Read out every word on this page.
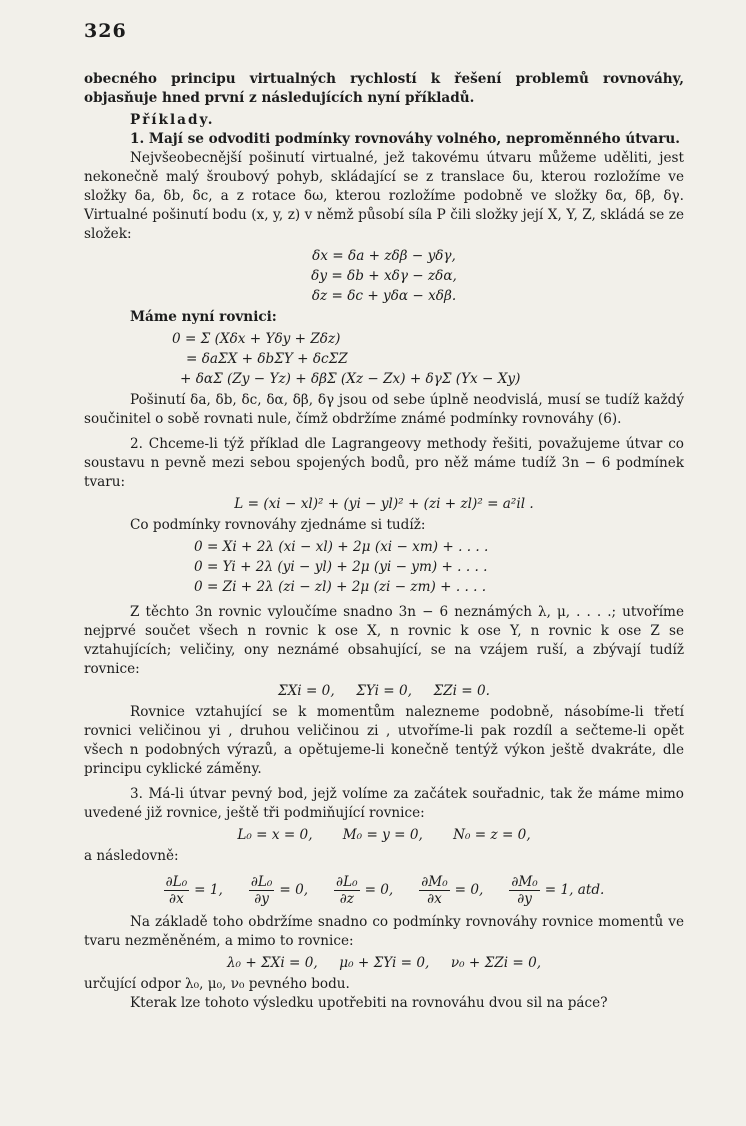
326

obecného principu virtualných rychlostí k řešení problemů rovnováhy, objasňuje hned první z následujících nyní příkladů.

Příklady.

1. Mají se odvoditi podmínky rovnováhy volného, neproměnného útvaru.

Nejvšeobecnější pošinutí virtualné, jež takovému útvaru můžeme uděliti, jest nekonečně malý šroubový pohyb, skládající se z translace δu, kterou rozložíme ve složky δa, δb, δc, a z rotace δω, kterou rozložíme podobně ve složky δα, δβ, δγ. Virtualné pošinutí bodu (x, y, z) v němž působí síla P čili složky její X, Y, Z, skládá se ze složek:

δx = δa + zδβ − yδγ,
δy = δb + xδγ − zδα,
δz = δc + yδα − xδβ.

Máme nyní rovnici:

0 = Σ (Xδx + Yδy + Zδz)
= δaΣX + δbΣY + δcΣZ
+ δαΣ (Zy − Yz) + δβΣ (Xz − Zx) + δγΣ (Yx − Xy)

Pošinutí δa, δb, δc, δα, δβ, δγ jsou od sebe úplně neodvislá, musí se tudíž každý součinitel o sobě rovnati nule, čímž obdržíme známé podmínky rovnováhy (6).

2. Chceme-li týž příklad dle Lagrangeovy methody řešiti, považujeme útvar co soustavu n pevně mezi sebou spojených bodů, pro něž máme tudíž 3n − 6 podmínek tvaru:

L = (xi − xl)² + (yi − yl)² + (zi + zl)² = a²il .

Co podmínky rovnováhy zjednáme si tudíž:

0 = Xi + 2λ (xi − xl) + 2μ (xi − xm) + . . . .
0 = Yi + 2λ (yi − yl) + 2μ (yi − ym) + . . . .
0 = Zi + 2λ (zi − zl) + 2μ (zi − zm) + . . . .

Z těchto 3n rovnic vyloučíme snadno 3n − 6 neznámých λ, μ, . . . .; utvoříme nejprvé součet všech n rovnic k ose X, n rovnic k ose Y, n rovnic k ose Z se vztahujících; veličiny, ony neznámé obsahující, se na vzájem ruší, a zbývají tudíž rovnice:

ΣXi = 0,     ΣYi = 0,     ΣZi = 0.

Rovnice vztahující se k momentům nalezneme podobně, násobíme-li třetí rovnici veličinou yi , druhou veličinou zi , utvoříme-li pak rozdíl a sečteme-li opět všech n podobných výrazů, a opětujeme-li konečně tentýž výkon ještě dvakráte, dle principu cyklické záměny.

3. Má-li útvar pevný bod, jejž volíme za začátek souřadnic, tak že máme mimo uvedené již rovnice, ještě tři podmiňující rovnice:

L₀ = x = 0,       M₀ = y = 0,       N₀ = z = 0,

a následovně:

$\frac{\text{∂L₀}}{\partial x} = 1$, $\frac{\text{∂L₀}}{\partial y} = 0$, $\frac{\text{∂L₀}}{\partial z} = 0$, $\frac{\text{∂M₀}}{\partial x} = 0$, $\frac{\text{∂M₀}}{\partial y} = 1$, atd.

Na základě toho obdržíme snadno co podmínky rovnováhy rovnice momentů ve tvaru nezměněném, a mimo to rovnice:

λ₀ + ΣXi = 0,     μ₀ + ΣYi = 0,     ν₀ + ΣZi = 0,

určující odpor λ₀, μ₀, ν₀ pevného bodu.

Kterak lze tohoto výsledku upotřebiti na rovnováhu dvou sil na páce?
